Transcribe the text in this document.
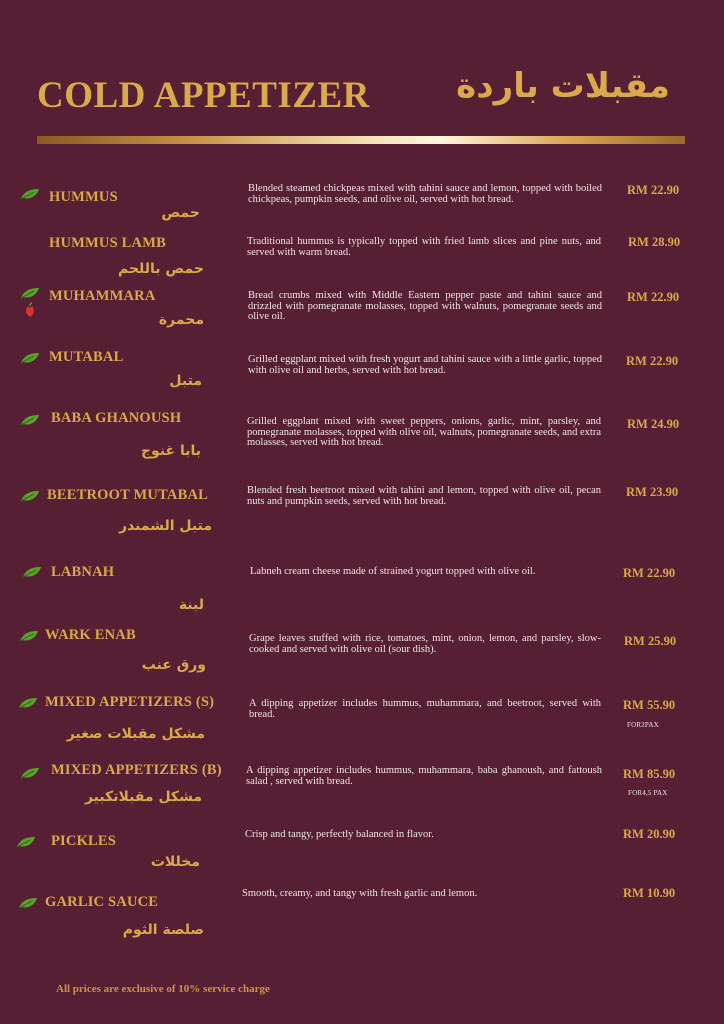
COLD APPETIZER	مقبلات باردة
HUMMUS
حمص
Blended steamed chickpeas mixed with tahini sauce and lemon, topped with boiled chickpeas, pumpkin seeds, and olive oil, served with hot bread.
RM 22.90
HUMMUS LAMB
حمص باللحم
Traditional hummus is typically topped with fried lamb slices and pine nuts, and served with warm bread.
RM 28.90
MUHAMMARA
محمرة
Bread crumbs mixed with Middle Eastern pepper paste and tahini sauce and drizzled with pomegranate molasses, topped with walnuts, pomegranate seeds and olive oil.
RM 22.90
MUTABAL
متبل
Grilled eggplant mixed with fresh yogurt and tahini sauce with a little garlic, topped with olive oil and herbs, served with hot bread.
RM 22.90
BABA GHANOUSH
بابا غنوج
Grilled eggplant mixed with sweet peppers, onions, garlic, mint, parsley, and pomegranate molasses, topped with olive oil, walnuts, pomegranate seeds, and extra molasses, served with hot bread.
RM 24.90
BEETROOT MUTABAL
متبل الشمندر
Blended fresh beetroot mixed with tahini and lemon, topped with olive oil, pecan nuts and pumpkin seeds, served with hot bread.
RM 23.90
LABNAH
لبنة
Labneh cream cheese made of strained yogurt topped with olive oil.	RM 22.90
WARK ENAB
ورق عنب
Grape leaves stuffed with rice, tomatoes, mint, onion, lemon, and parsley, slow-cooked and served with olive oil (sour dish).
RM 25.90
MIXED APPETIZERS (S)
مشكل مقبلات صغير
A dipping appetizer includes hummus, muhammara, and beetroot, served with bread.
RM 55.90
FOR2PAX
MIXED APPETIZERS (B)
مشكل مقبلاتكبير
A dipping appetizer includes hummus, muhammara, baba ghanoush, and fattoush salad , served with bread.	RM 85.90
FOR4,5 PAX
PICKLES
مخللات
Crisp and tangy, perfectly balanced in flavor.	RM 20.90
GARLIC SAUCE
صلصة الثوم
Smooth, creamy, and tangy with fresh garlic and lemon.	RM 10.90
All prices are exclusive of 10% service charge
